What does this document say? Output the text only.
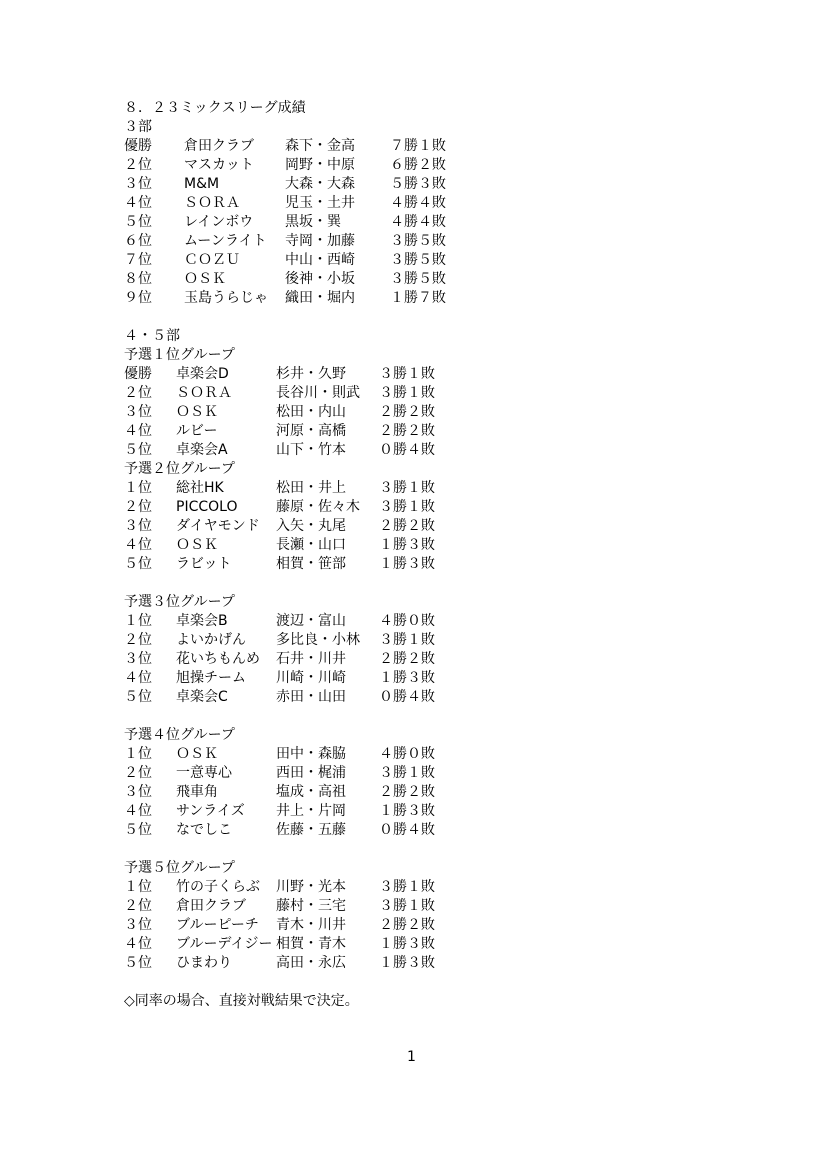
８．２３ミックスリーグ成績
３部
優勝 倉田クラブ 森下・金高	７勝１敗
２位 マスカット 岡野・中原	６勝２敗
３位 M&M	大森・大森	５勝３敗
４位 ＳＯＲＡ	児玉・土井	４勝４敗
５位 レインボウ 黒坂・巽	４勝４敗
６位 ムーンライト 寺岡・加藤	３勝５敗
７位 ＣＯＺＵ	中山・西崎	３勝５敗
８位 ＯＳＫ	後神・小坂	３勝５敗
９位 玉島うらじゃ 織田・堀内	１勝７敗
４・５部
予選１位グループ
優勝 卓楽会D	杉井・久野 ３勝１敗
２位 ＳＯＲＡ	長谷川・則武 ３勝１敗
３位 ＯＳＫ	松田・内山 ２勝２敗
４位 ルビー	河原・高橋 ２勝２敗
５位 卓楽会A	山下・竹本 ０勝４敗
予選２位グループ
１位 総社HK	松田・井上 ３勝１敗
２位 PICCOLO	藤原・佐々木 ３勝１敗
３位 ダイヤモンド 入矢・丸尾 ２勝２敗
４位 ＯＳＫ	長瀬・山口 １勝３敗
５位 ラビット	相賀・笹部 １勝３敗
予選３位グループ
１位 卓楽会B	渡辺・富山 ４勝０敗
２位 よいかげん 多比良・小林 ３勝１敗
３位 花いちもんめ 石井・川井 ２勝２敗
４位 旭操チーム 川崎・川崎 １勝３敗
５位 卓楽会C	赤田・山田 ０勝４敗
予選４位グループ
１位 ＯＳＫ	田中・森脇 ４勝０敗
２位 一意専心	西田・梶浦 ３勝１敗
３位 飛車角	塩成・高祖 ２勝２敗
４位 サンライズ 井上・片岡 １勝３敗
５位 なでしこ	佐藤・五藤 ０勝４敗
予選５位グループ
１位 竹の子くらぶ 川野・光本 ３勝１敗
２位 倉田クラブ 藤村・三宅 ３勝１敗
３位 ブルーピーチ 青木・川井 ２勝２敗
４位 ブルーデイジー 相賀・青木 １勝３敗
５位 ひまわり	高田・永広 １勝３敗
◇同率の場合、直接対戦結果で決定。
1
